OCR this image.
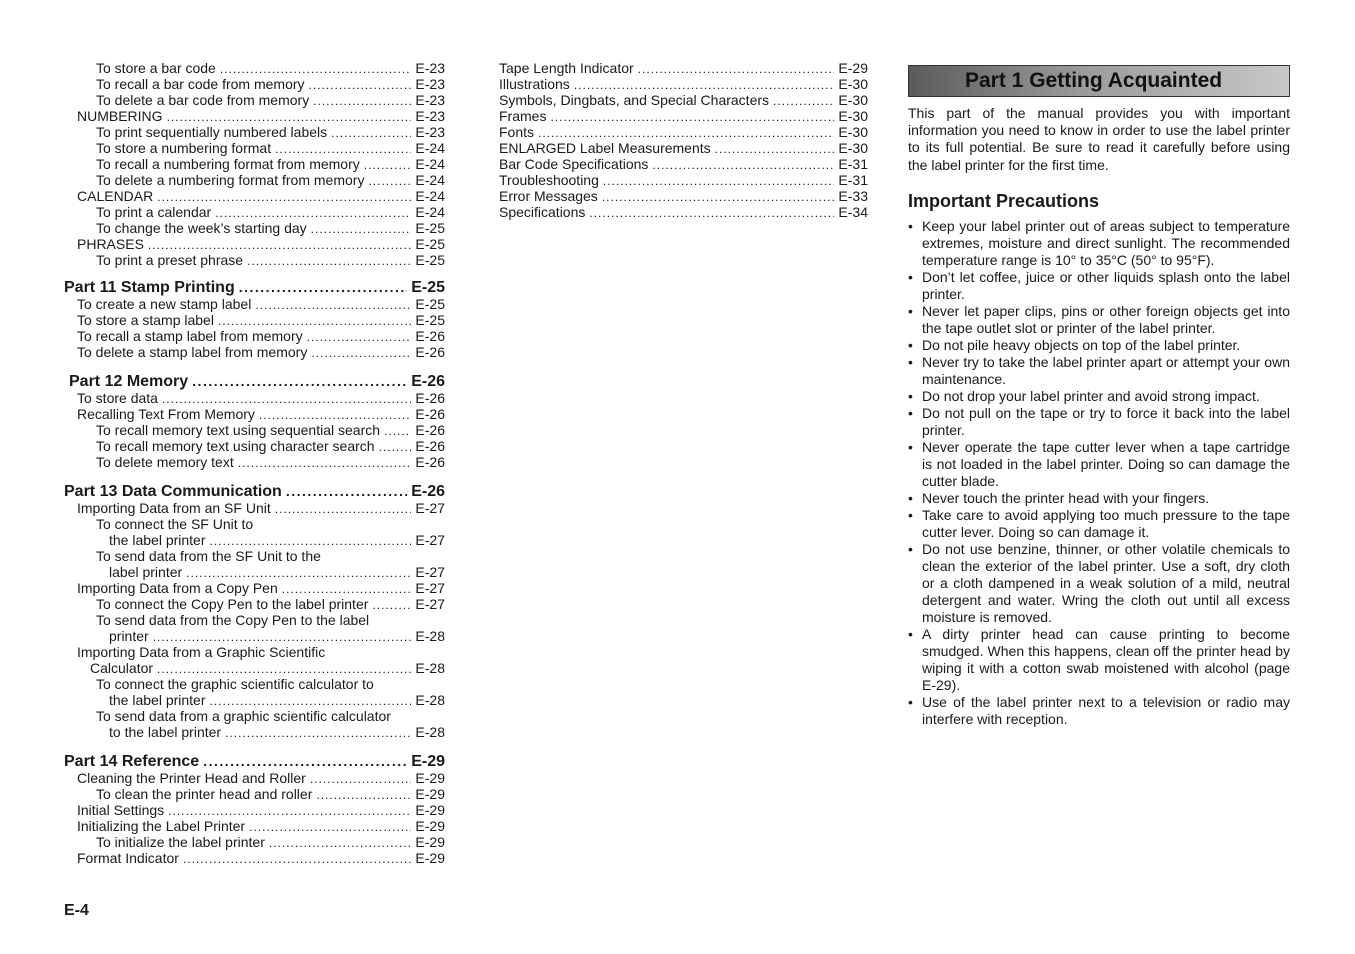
To store a bar code .....	E-23
To recall a bar code from memory .....	E-23
To delete a bar code from memory .....	E-23
NUMBERING .....	E-23
To print sequentially numbered labels .....	E-23
To store a numbering format .....	E-24
To recall a numbering format from memory .....	E-24
To delete a numbering format from memory .....	E-24
CALENDAR .....	E-24
To print a calendar .....	E-24
To change the week’s starting day .....	E-25
PHRASES .....	E-25
To print a preset phrase .....	E-25
Part 11 Stamp Printing .....	E-25
To create a new stamp label .....	E-25
To store a stamp label .....	E-25
To recall a stamp label from memory .....	E-26
To delete a stamp label from memory .....	E-26
Part 12 Memory .....	E-26
To store data .....	E-26
Recalling Text From Memory .....	E-26
To recall memory text using sequential search .....	E-26
To recall memory text using character search .....	E-26
To delete memory text .....	E-26
Part 13 Data Communication .....	E-26
Importing Data from an SF Unit .....	E-27
To connect the SF Unit to
the label printer .....	E-27
To send data from the SF Unit to the
label printer .....	E-27
Importing Data from a Copy Pen .....	E-27
To connect the Copy Pen to the label printer .....	E-27
To send data from the Copy Pen to the label
printer .....	E-28
Importing Data from a Graphic Scientific
Calculator .....	E-28
To connect the graphic scientific calculator to
the label printer .....	E-28
To send data from a graphic scientific calculator
to the label printer .....	E-28
Part 14 Reference .....	E-29
Cleaning the Printer Head and Roller .....	E-29
To clean the printer head and roller .....	E-29
Initial Settings .....	E-29
Initializing the Label Printer .....	E-29
To initialize the label printer .....	E-29
Format Indicator .....	E-29
Tape Length Indicator .....	E-29
Illustrations .....	E-30
Symbols, Dingbats, and Special Characters .....	E-30
Frames .....	E-30
Fonts .....	E-30
ENLARGED Label Measurements .....	E-30
Bar Code Specifications .....	E-31
Troubleshooting .....	E-31
Error Messages .....	E-33
Specifications .....	E-34
Part 1 Getting Acquainted

This part of the manual provides you with important information you need to know in order to use the label printer to its full potential. Be sure to read it carefully before using the label printer for the first time.

Important Precautions
• Keep your label printer out of areas subject to temperature extremes, moisture and direct sunlight. The recommended temperature range is 10° to 35°C (50° to 95°F).
• Don’t let coffee, juice or other liquids splash onto the label printer.
• Never let paper clips, pins or other foreign objects get into the tape outlet slot or printer of the label printer.
• Do not pile heavy objects on top of the label printer.
• Never try to take the label printer apart or attempt your own maintenance.
• Do not drop your label printer and avoid strong impact.
• Do not pull on the tape or try to force it back into the label printer.
• Never operate the tape cutter lever when a tape cartridge is not loaded in the label printer. Doing so can damage the cutter blade.
• Never touch the printer head with your fingers.
• Take care to avoid applying too much pressure to the tape cutter lever. Doing so can damage it.
• Do not use benzine, thinner, or other volatile chemicals to clean the exterior of the label printer. Use a soft, dry cloth or a cloth dampened in a weak solution of a mild, neutral detergent and water. Wring the cloth out until all excess moisture is removed.
• A dirty printer head can cause printing to become smudged. When this happens, clean off the printer head by wiping it with a cotton swab moistened with alcohol (page E-29).
• Use of the label printer next to a television or radio may interfere with reception.
E-4
